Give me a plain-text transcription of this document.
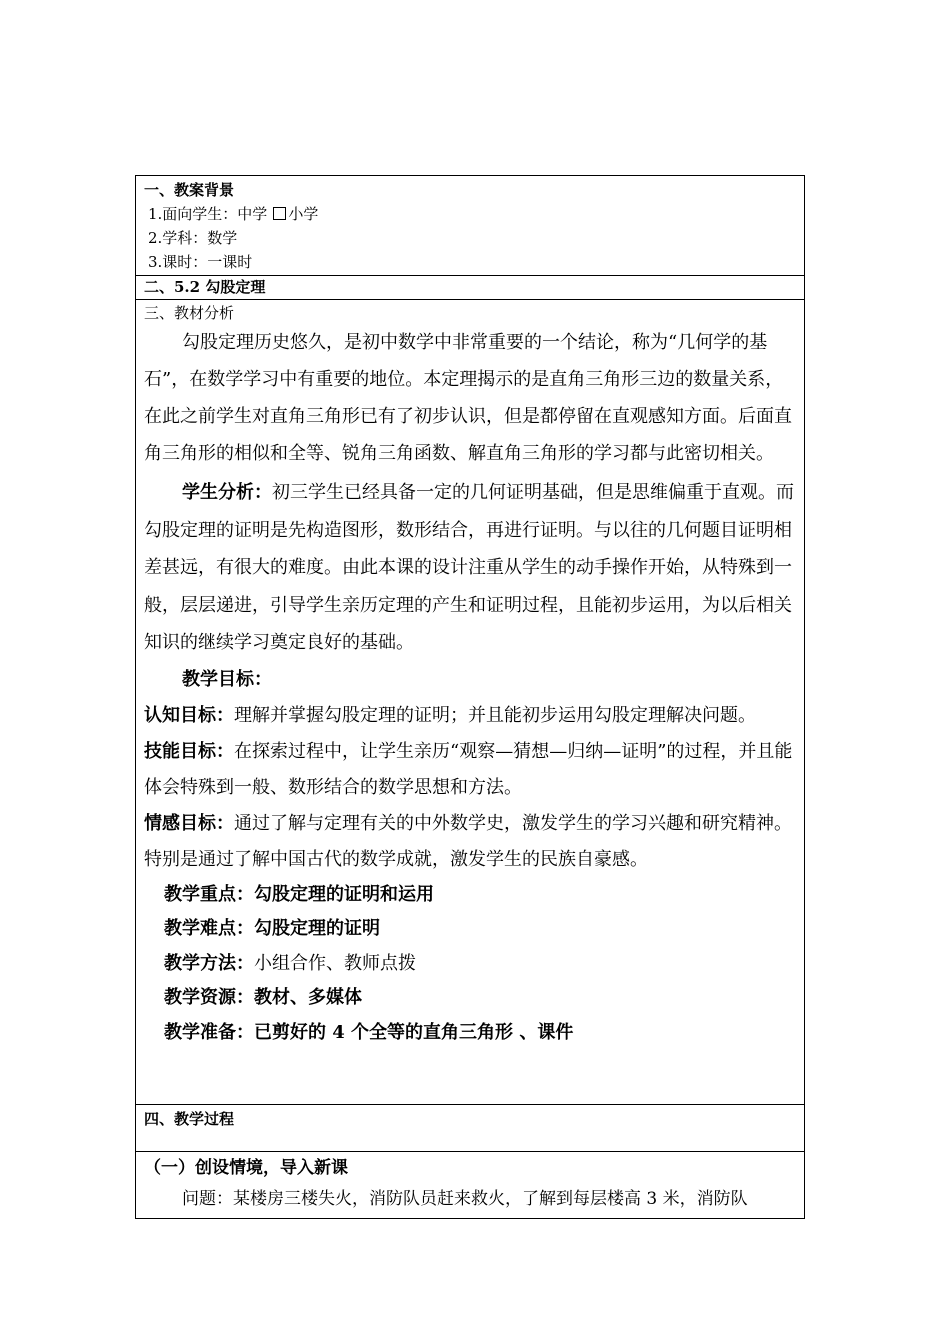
一、教案背景
1.面向学生：中学 小学
2.学科：数学
3.课时：一课时
二、5.2 勾股定理
三、教材分析
勾股定理历史悠久，是初中数学中非常重要的一个结论，称为“几何学的基石”，在数学学习中有重要的地位。本定理揭示的是直角三角形三边的数量关系，在此之前学生对直角三角形已有了初步认识，但是都停留在直观感知方面。后面直角三角形的相似和全等、锐角三角函数、解直角三角形的学习都与此密切相关。
学生分析：初三学生已经具备一定的几何证明基础，但是思维偏重于直观。而勾股定理的证明是先构造图形，数形结合，再进行证明。与以往的几何题目证明相差甚远，有很大的难度。由此本课的设计注重从学生的动手操作开始，从特殊到一般，层层递进，引导学生亲历定理的产生和证明过程，且能初步运用，为以后相关知识的继续学习奠定良好的基础。
教学目标：
认知目标：理解并掌握勾股定理的证明；并且能初步运用勾股定理解决问题。
技能目标：在探索过程中，让学生亲历“观察—猜想—归纳—证明”的过程，并且能体会特殊到一般、数形结合的数学思想和方法。
情感目标：通过了解与定理有关的中外数学史，激发学生的学习兴趣和研究精神。特别是通过了解中国古代的数学成就，激发学生的民族自豪感。
教学重点：勾股定理的证明和运用
教学难点：勾股定理的证明
教学方法：小组合作、教师点拨
教学资源：教材、多媒体
教学准备：已剪好的 4 个全等的直角三角形 、课件
四、教学过程
（一）创设情境，导入新课
问题：某楼房三楼失火，消防队员赶来救火，了解到每层楼高 3 米，消防队
